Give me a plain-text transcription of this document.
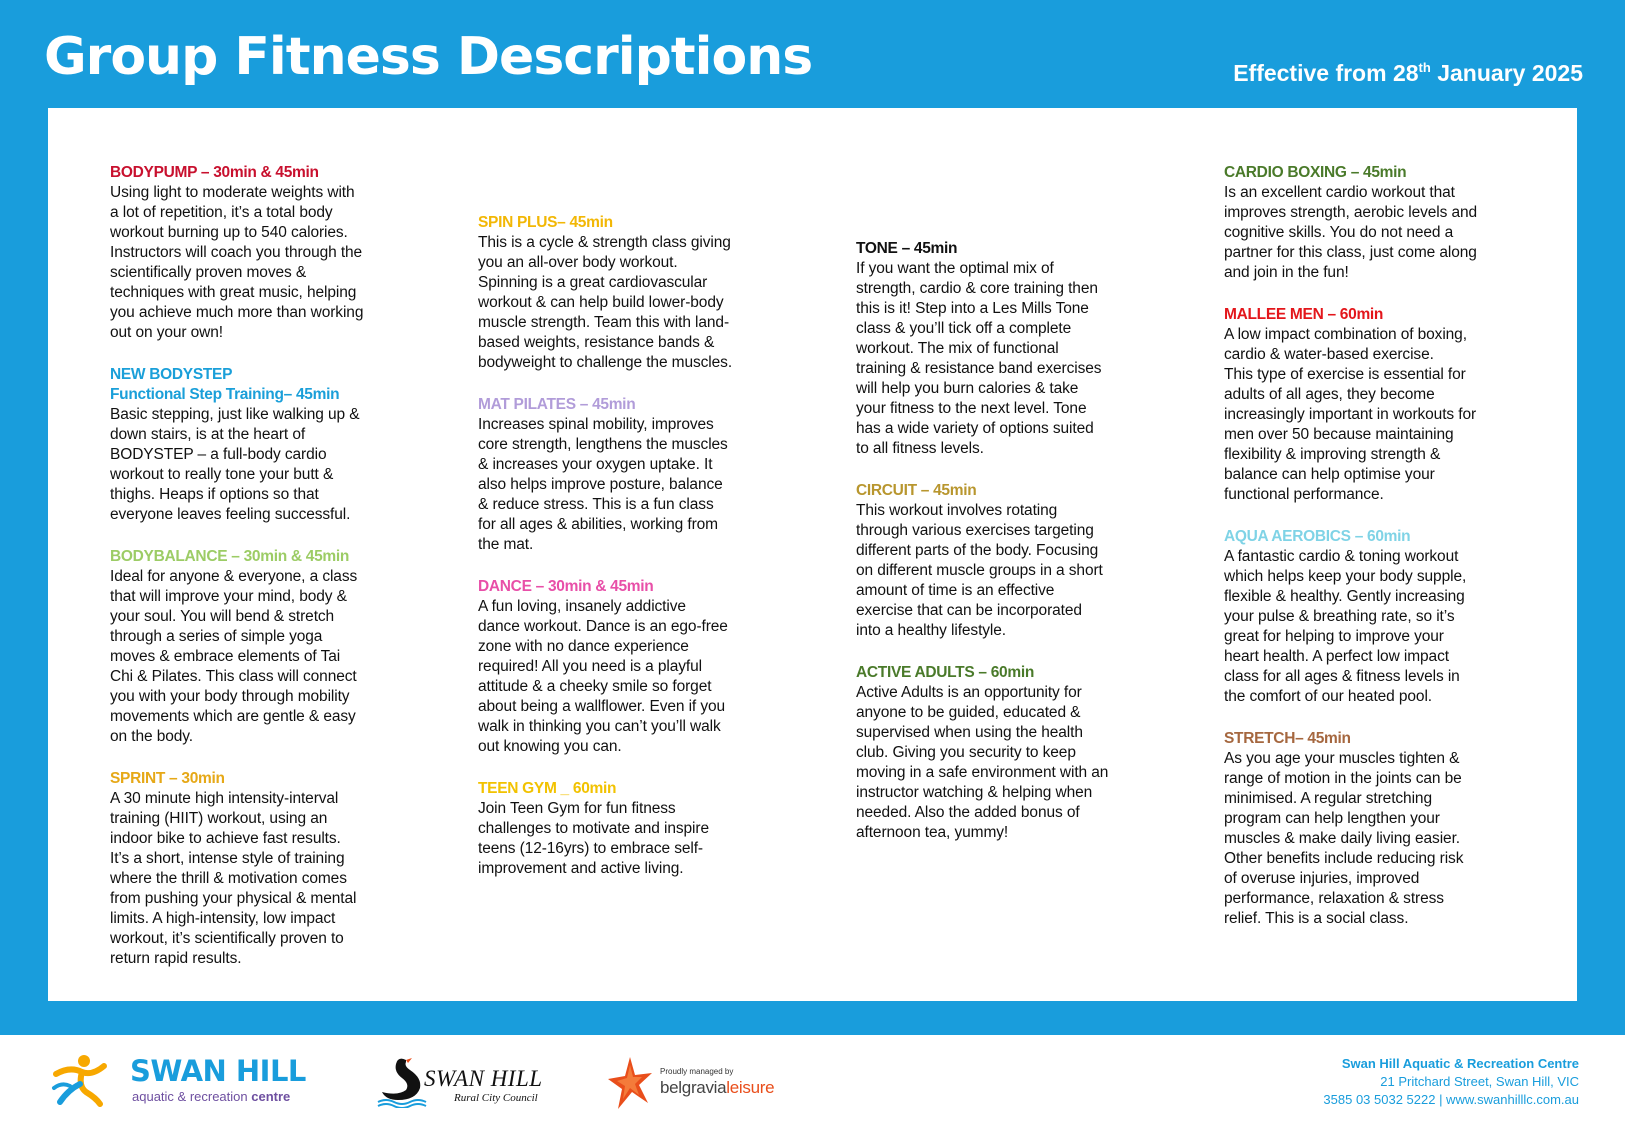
Group Fitness Descriptions	Effective from 28th January 2025
BODYPUMP – 30min & 45min
Using light to moderate weights with
a lot of repetition, it’s a total body
workout burning up to 540 calories.
Instructors will coach you through the
scientifically proven moves &
techniques with great music, helping
you achieve much more than working
out on your own!
NEW BODYSTEP
Functional Step Training– 45min
Basic stepping, just like walking up &
down stairs, is at the heart of
BODYSTEP – a full-body cardio
workout to really tone your butt &
thighs. Heaps if options so that
everyone leaves feeling successful.
BODYBALANCE – 30min & 45min
Ideal for anyone & everyone, a class
that will improve your mind, body &
your soul. You will bend & stretch
through a series of simple yoga
moves & embrace elements of Tai
Chi & Pilates. This class will connect
you with your body through mobility
movements which are gentle & easy
on the body.
SPRINT – 30min
A 30 minute high intensity-interval
training (HIIT) workout, using an
indoor bike to achieve fast results.
It’s a short, intense style of training
where the thrill & motivation comes
from pushing your physical & mental
limits. A high-intensity, low impact
workout, it’s scientifically proven to
return rapid results.
SPIN PLUS– 45min
This is a cycle & strength class giving
you an all-over body workout.
Spinning is a great cardiovascular
workout & can help build lower-body
muscle strength. Team this with land-
based weights, resistance bands &
bodyweight to challenge the muscles.
MAT PILATES – 45min
Increases spinal mobility, improves
core strength, lengthens the muscles
& increases your oxygen uptake. It
also helps improve posture, balance
& reduce stress. This is a fun class
for all ages & abilities, working from
the mat.
DANCE – 30min & 45min
A fun loving, insanely addictive
dance workout. Dance is an ego-free
zone with no dance experience
required! All you need is a playful
attitude & a cheeky smile so forget
about being a wallflower. Even if you
walk in thinking you can’t you’ll walk
out knowing you can.
TEEN GYM _ 60min
Join Teen Gym for fun fitness
challenges to motivate and inspire
teens (12-16yrs) to embrace self-
improvement and active living.
TONE – 45min
If you want the optimal mix of
strength, cardio & core training then
this is it! Step into a Les Mills Tone
class & you’ll tick off a complete
workout. The mix of functional
training & resistance band exercises
will help you burn calories & take
your fitness to the next level. Tone
has a wide variety of options suited
to all fitness levels.
CIRCUIT – 45min
This workout involves rotating
through various exercises targeting
different parts of the body. Focusing
on different muscle groups in a short
amount of time is an effective
exercise that can be incorporated
into a healthy lifestyle.
ACTIVE ADULTS – 60min
Active Adults is an opportunity for
anyone to be guided, educated &
supervised when using the health
club. Giving you security to keep
moving in a safe environment with an
instructor watching & helping when
needed. Also the added bonus of
afternoon tea, yummy!
CARDIO BOXING – 45min
Is an excellent cardio workout that
improves strength, aerobic levels and
cognitive skills. You do not need a
partner for this class, just come along
and join in the fun!
MALLEE MEN – 60min
A low impact combination of boxing,
cardio & water-based exercise.
This type of exercise is essential for
adults of all ages, they become
increasingly important in workouts for
men over 50 because maintaining
flexibility & improving strength &
balance can help optimise your
functional performance.
AQUA AEROBICS – 60min
A fantastic cardio & toning workout
which helps keep your body supple,
flexible & healthy. Gently increasing
your pulse & breathing rate, so it’s
great for helping to improve your
heart health. A perfect low impact
class for all ages & fitness levels in
the comfort of our heated pool.
STRETCH– 45min
As you age your muscles tighten &
range of motion in the joints can be
minimised. A regular stretching
program can help lengthen your
muscles & make daily living easier.
Other benefits include reducing risk
of overuse injuries, improved
performance, relaxation & stress
relief. This is a social class.
SWAN HILL
aquatic & recreation centre
SWAN HILL
Rural City Council
Proudly managed by
belgravialeisure
Swan Hill Aquatic & Recreation Centre
21 Pritchard Street, Swan Hill, VIC
3585 03 5032 5222 | www.swanhilllc.com.au
